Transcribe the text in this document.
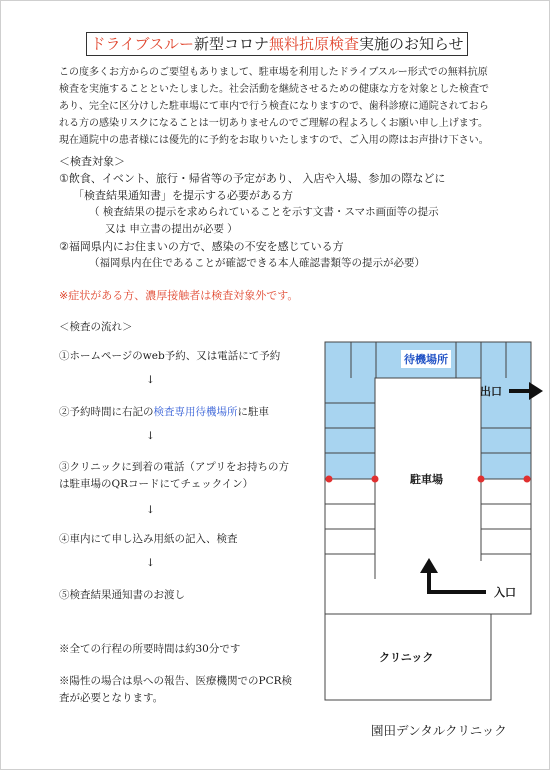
ドライブスルー新型コロナ無料抗原検査実施のお知らせ
この度多くお方からのご要望もありまして、駐車場を利用したドライブスルー形式での無料抗原
検査を実施することといたしました。社会活動を継続させるための健康な方を対象とした検査で
あり、完全に区分けした駐車場にて車内で行う検査になりますので、歯科診療に通院されておら
れる方の感染リスクになることは一切ありませんのでご理解の程よろしくお願い申し上げます。
現在通院中の患者様には優先的に予約をお取りいたしますので、ご入用の際はお声掛け下さい。
＜検査対象＞
①飲食、イベント、旅行・帰省等の予定があり、 入店や入場、参加の際などに
「検査結果通知書」を提示する必要がある方
（ 検査結果の提示を求められていることを示す文書・スマホ画面等の提示
又は 申立書の提出が必要 ）
②福岡県内にお住まいの方で、感染の不安を感じている方
（福岡県内在住であることが確認できる本人確認書類等の提示が必要）
※症状がある方、濃厚接触者は検査対象外です。
＜検査の流れ＞
①ホームページのweb予約、又は電話にて予約
↓
②予約時間に右記の検査専用待機場所に駐車
↓
③クリニックに到着の電話（アプリをお持ちの方
は駐車場のQRコードにてチェックイン）
↓
④車内にて申し込み用紙の記入、検査
↓
⑤検査結果通知書のお渡し
※全ての行程の所要時間は約30分です
※陽性の場合は県への報告、医療機関でのPCR検
査が必要となります。
待機場所
出口
駐車場
入口
クリニック
園田デンタルクリニック
